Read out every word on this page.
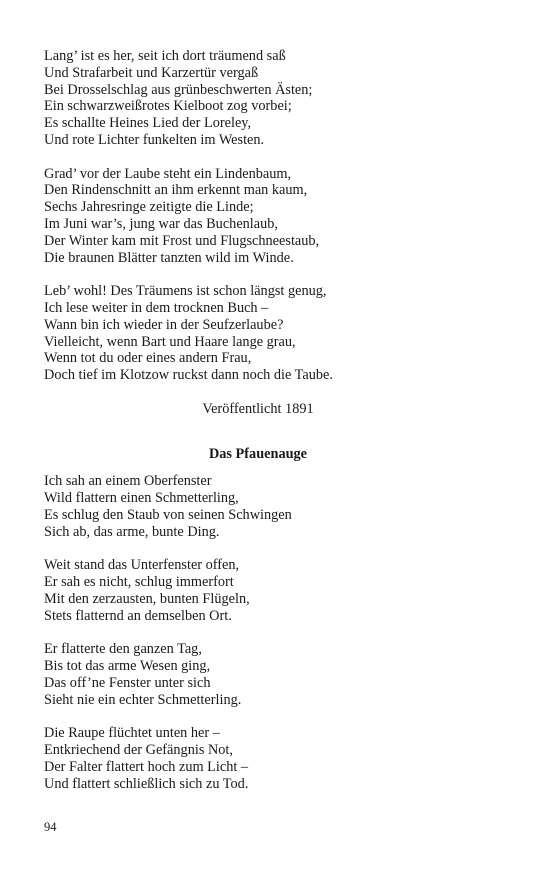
Lang’ ist es her, seit ich dort träumend saß
Und Strafarbeit und Karzertür vergaß
Bei Drosselschlag aus grünbeschwerten Ästen;
Ein schwarzweißrotes Kielboot zog vorbei;
Es schallte Heines Lied der Loreley,
Und rote Lichter funkelten im Westen.
Grad’ vor der Laube steht ein Lindenbaum,
Den Rindenschnitt an ihm erkennt man kaum,
Sechs Jahresringe zeitigte die Linde;
Im Juni war’s, jung war das Buchenlaub,
Der Winter kam mit Frost und Flugschneestaub,
Die braunen Blätter tanzten wild im Winde.
Leb’ wohl! Des Träumens ist schon längst genug,
Ich lese weiter in dem trocknen Buch –
Wann bin ich wieder in der Seufzerlaube?
Vielleicht, wenn Bart und Haare lange grau,
Wenn tot du oder eines andern Frau,
Doch tief im Klotzow ruckst dann noch die Taube.
Veröffentlicht 1891
Das Pfauenauge
Ich sah an einem Oberfenster
Wild flattern einen Schmetterling,
Es schlug den Staub von seinen Schwingen
Sich ab, das arme, bunte Ding.
Weit stand das Unterfenster offen,
Er sah es nicht, schlug immerfort
Mit den zerzausten, bunten Flügeln,
Stets flatternd an demselben Ort.
Er flatterte den ganzen Tag,
Bis tot das arme Wesen ging,
Das off’ne Fenster unter sich
Sieht nie ein echter Schmetterling.
Die Raupe flüchtet unten her –
Entkriechend der Gefängnis Not,
Der Falter flattert hoch zum Licht –
Und flattert schließlich sich zu Tod.
94
